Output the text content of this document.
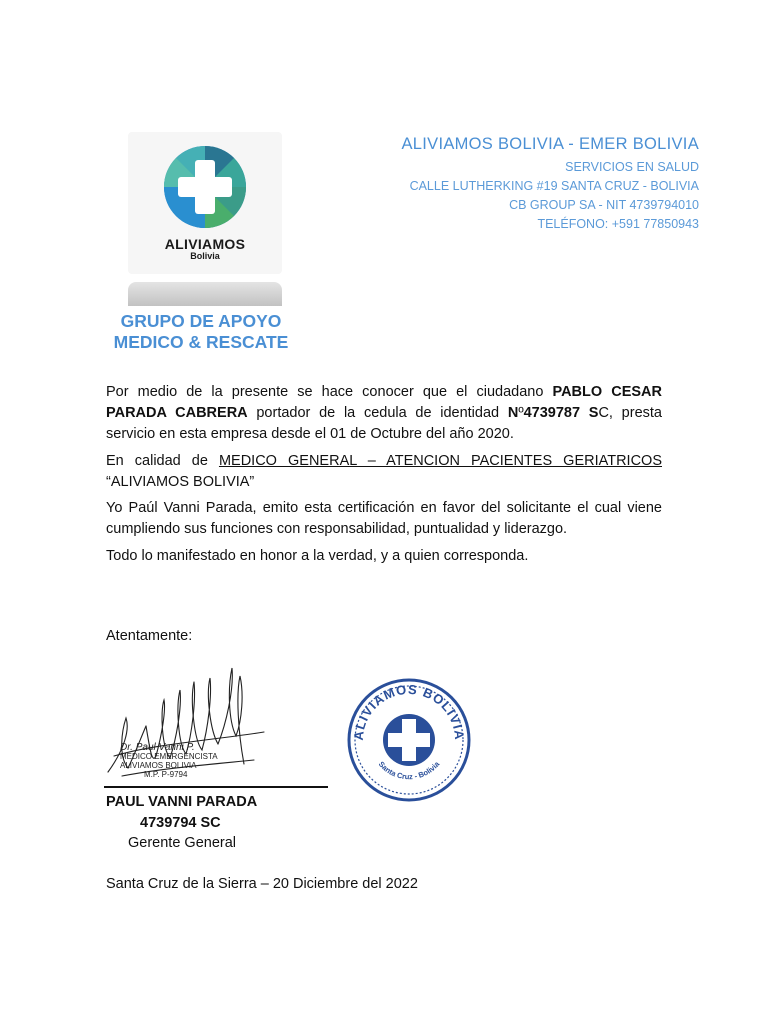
ALIVIAMOS
Bolivia
GRUPO DE APOYO
MEDICO & RESCATE
ALIVIAMOS BOLIVIA - EMER BOLIVIA
SERVICIOS EN SALUD
CALLE LUTHERKING #19 SANTA CRUZ - BOLIVIA
CB GROUP SA - NIT 4739794010
TELÉFONO: +591 77850943
Por medio de la presente se hace conocer que el ciudadano PABLO CESAR PARADA CABRERA portador de la cedula de identidad Nº4739787 SC, presta servicio en esta empresa desde el 01 de Octubre del año 2020.
En calidad de MEDICO GENERAL – ATENCION PACIENTES GERIATRICOS “ALIVIAMOS BOLIVIA”
Yo Paúl Vanni Parada, emito esta certificación en favor del solicitante el cual viene cumpliendo sus funciones con responsabilidad, puntualidad y liderazgo.
Todo lo manifestado en honor a la verdad, y a quien corresponda.
Atentamente:
Dr. Paul Vanni P.
MEDICO EMERGENCISTA
ALIVIAMOS BOLIVIA
M.P. P-9794
PAUL VANNI PARADA
4739794 SC
Gerente General
ALIVIAMOS BOLIVIA
Santa Cruz - Bolivia
Santa Cruz de la Sierra – 20 Diciembre del 2022
